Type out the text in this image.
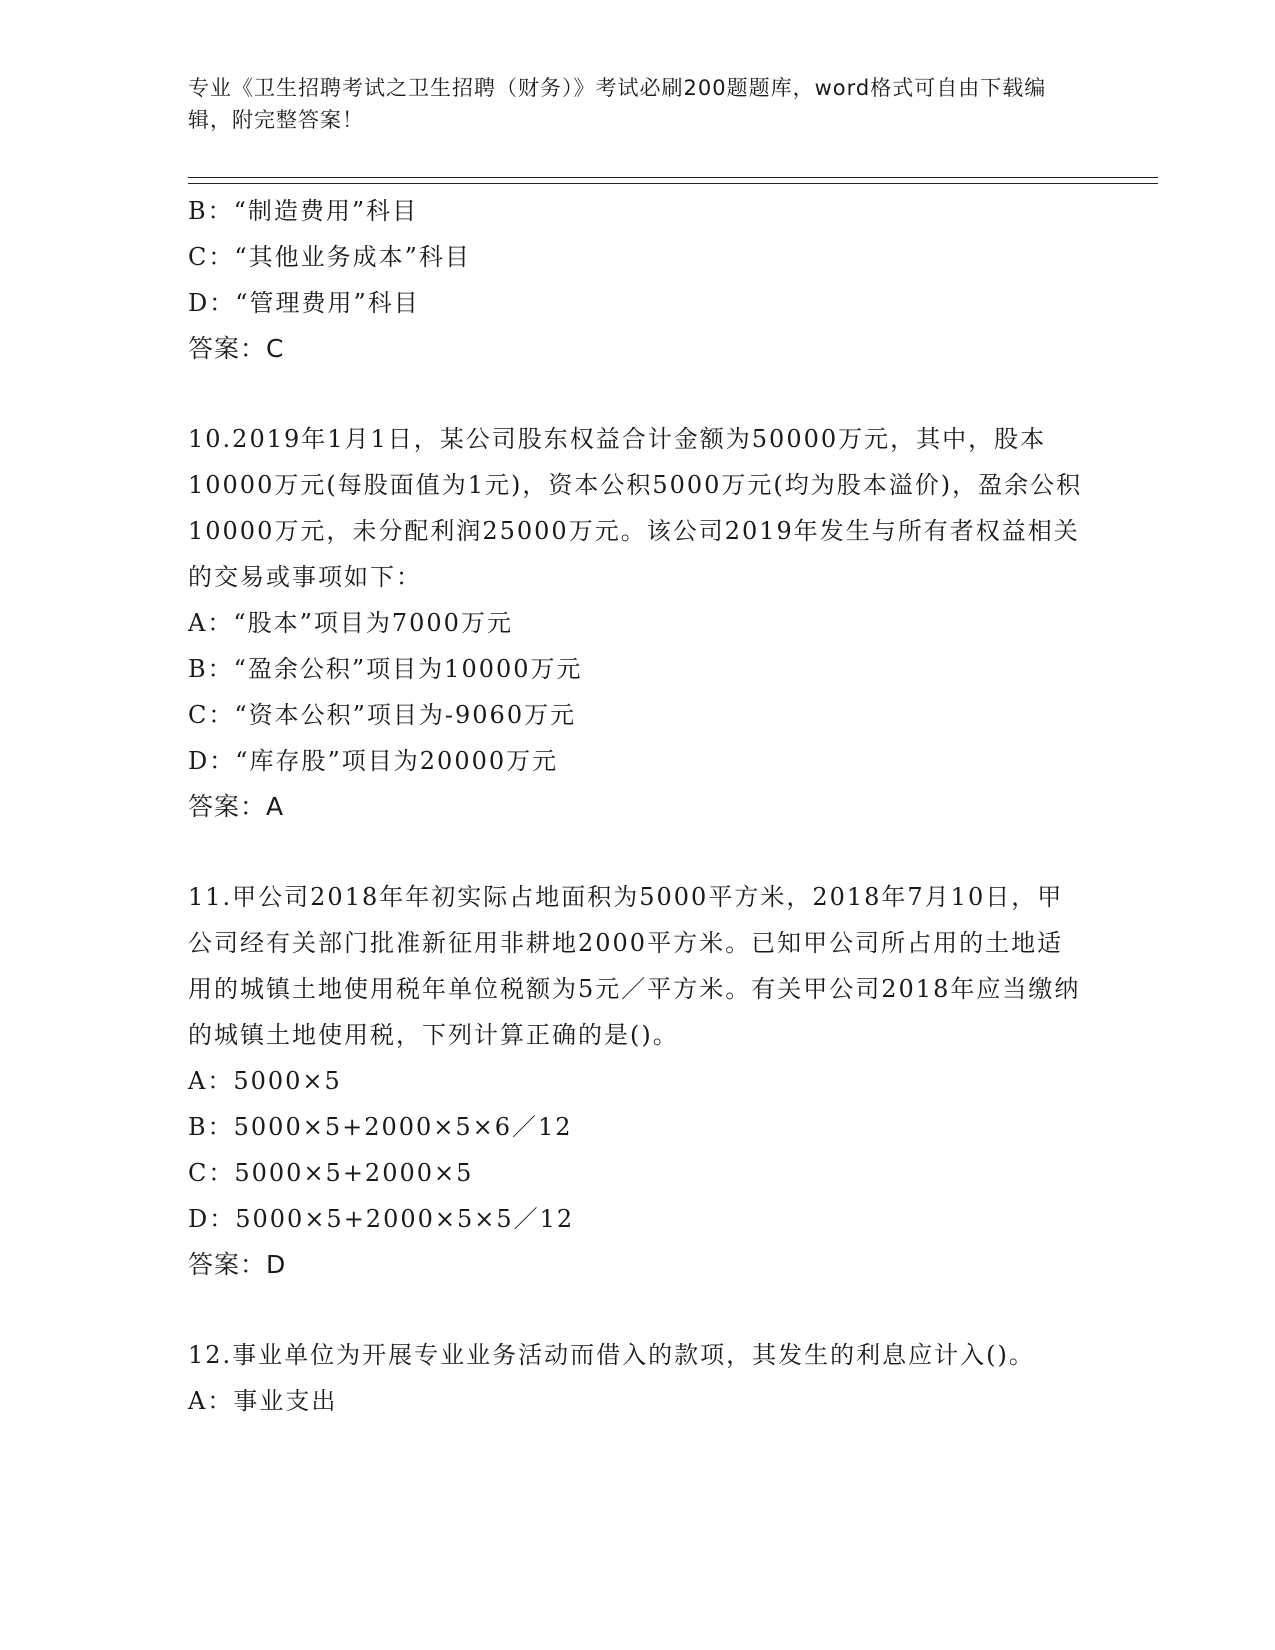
专业《卫生招聘考试之卫生招聘（财务）》考试必刷200题题库，word格式可自由下载编辑，附完整答案！
B：“制造费用”科目
C：“其他业务成本”科目
D：“管理费用”科目
答案：C
10.2019年1月1日，某公司股东权益合计金额为50000万元，其中，股本10000万元(每股面值为1元)，资本公积5000万元(均为股本溢价)，盈余公积10000万元，未分配利润25000万元。该公司2019年发生与所有者权益相关的交易或事项如下：
A：“股本”项目为7000万元
B：“盈余公积”项目为10000万元
C：“资本公积”项目为-9060万元
D：“库存股”项目为20000万元
答案：A
11.甲公司2018年年初实际占地面积为5000平方米，2018年7月10日，甲公司经有关部门批准新征用非耕地2000平方米。已知甲公司所占用的土地适用的城镇土地使用税年单位税额为5元／平方米。有关甲公司2018年应当缴纳的城镇土地使用税，下列计算正确的是()。
A：5000×5
B：5000×5+2000×5×6／12
C：5000×5+2000×5
D：5000×5+2000×5×5／12
答案：D
12.事业单位为开展专业业务活动而借入的款项，其发生的利息应计入()。
A：事业支出
